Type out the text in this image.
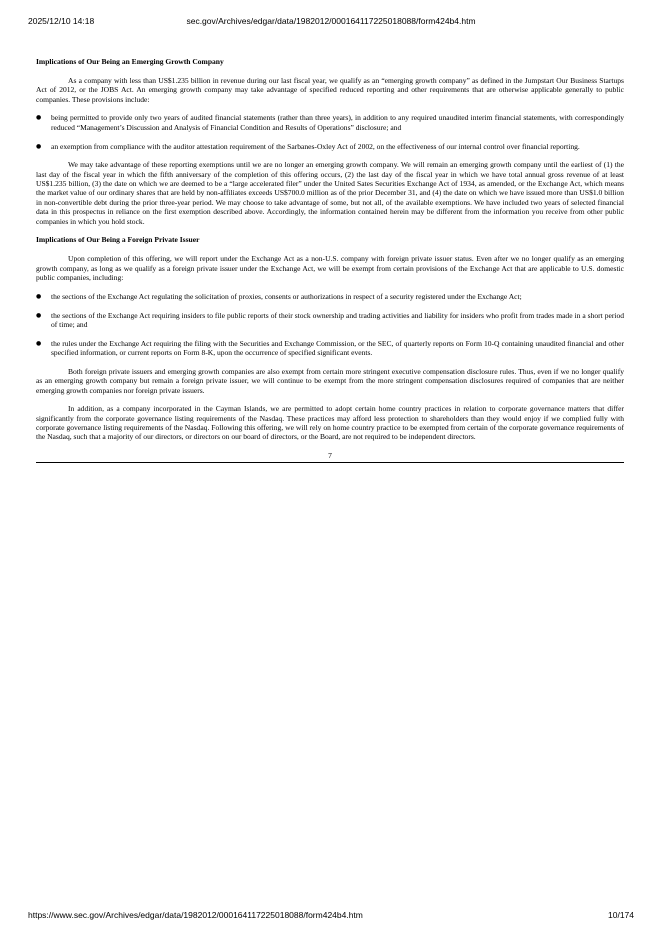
2025/12/10 14:18	sec.gov/Archives/edgar/data/1982012/000164117225018088/form424b4.htm
Implications of Our Being an Emerging Growth Company

As a company with less than US$1.235 billion in revenue during our last fiscal year, we qualify as an “emerging growth company” as defined in the Jumpstart Our Business Startups Act of 2012, or the JOBS Act. An emerging growth company may take advantage of specified reduced reporting and other requirements that are otherwise applicable generally to public companies. These provisions include:

●	being permitted to provide only two years of audited financial statements (rather than three years), in addition to any required unaudited interim financial statements, with correspondingly reduced “Management’s Discussion and Analysis of Financial Condition and Results of Operations” disclosure; and
●	an exemption from compliance with the auditor attestation requirement of the Sarbanes-Oxley Act of 2002, on the effectiveness of our internal control over financial reporting.

We may take advantage of these reporting exemptions until we are no longer an emerging growth company. We will remain an emerging growth company until the earliest of (1) the last day of the fiscal year in which the fifth anniversary of the completion of this offering occurs, (2) the last day of the fiscal year in which we have total annual gross revenue of at least US$1.235 billion, (3) the date on which we are deemed to be a “large accelerated filer” under the United Sates Securities Exchange Act of 1934, as amended, or the Exchange Act, which means the market value of our ordinary shares that are held by non-affiliates exceeds US$700.0 million as of the prior December 31, and (4) the date on which we have issued more than US$1.0 billion in non-convertible debt during the prior three-year period. We may choose to take advantage of some, but not all, of the available exemptions. We have included two years of selected financial data in this prospectus in reliance on the first exemption described above. Accordingly, the information contained herein may be different from the information you receive from other public companies in which you hold stock.

Implications of Our Being a Foreign Private Issuer

Upon completion of this offering, we will report under the Exchange Act as a non-U.S. company with foreign private issuer status. Even after we no longer qualify as an emerging growth company, as long as we qualify as a foreign private issuer under the Exchange Act, we will be exempt from certain provisions of the Exchange Act that are applicable to U.S. domestic public companies, including:

●	the sections of the Exchange Act regulating the solicitation of proxies, consents or authorizations in respect of a security registered under the Exchange Act;
●	the sections of the Exchange Act requiring insiders to file public reports of their stock ownership and trading activities and liability for insiders who profit from trades made in a short period of time; and
●	the rules under the Exchange Act requiring the filing with the Securities and Exchange Commission, or the SEC, of quarterly reports on Form 10-Q containing unaudited financial and other specified information, or current reports on Form 8-K, upon the occurrence of specified significant events.

Both foreign private issuers and emerging growth companies are also exempt from certain more stringent executive compensation disclosure rules. Thus, even if we no longer qualify as an emerging growth company but remain a foreign private issuer, we will continue to be exempt from the more stringent compensation disclosures required of companies that are neither emerging growth companies nor foreign private issuers.

In addition, as a company incorporated in the Cayman Islands, we are permitted to adopt certain home country practices in relation to corporate governance matters that differ significantly from the corporate governance listing requirements of the Nasdaq. These practices may afford less protection to shareholders than they would enjoy if we complied fully with corporate governance listing requirements of the Nasdaq. Following this offering, we will rely on home country practice to be exempted from certain of the corporate governance requirements of the Nasdaq, such that a majority of our directors, or directors on our board of directors, or the Board, are not required to be independent directors.

7
https://www.sec.gov/Archives/edgar/data/1982012/000164117225018088/form424b4.htm	10/174
